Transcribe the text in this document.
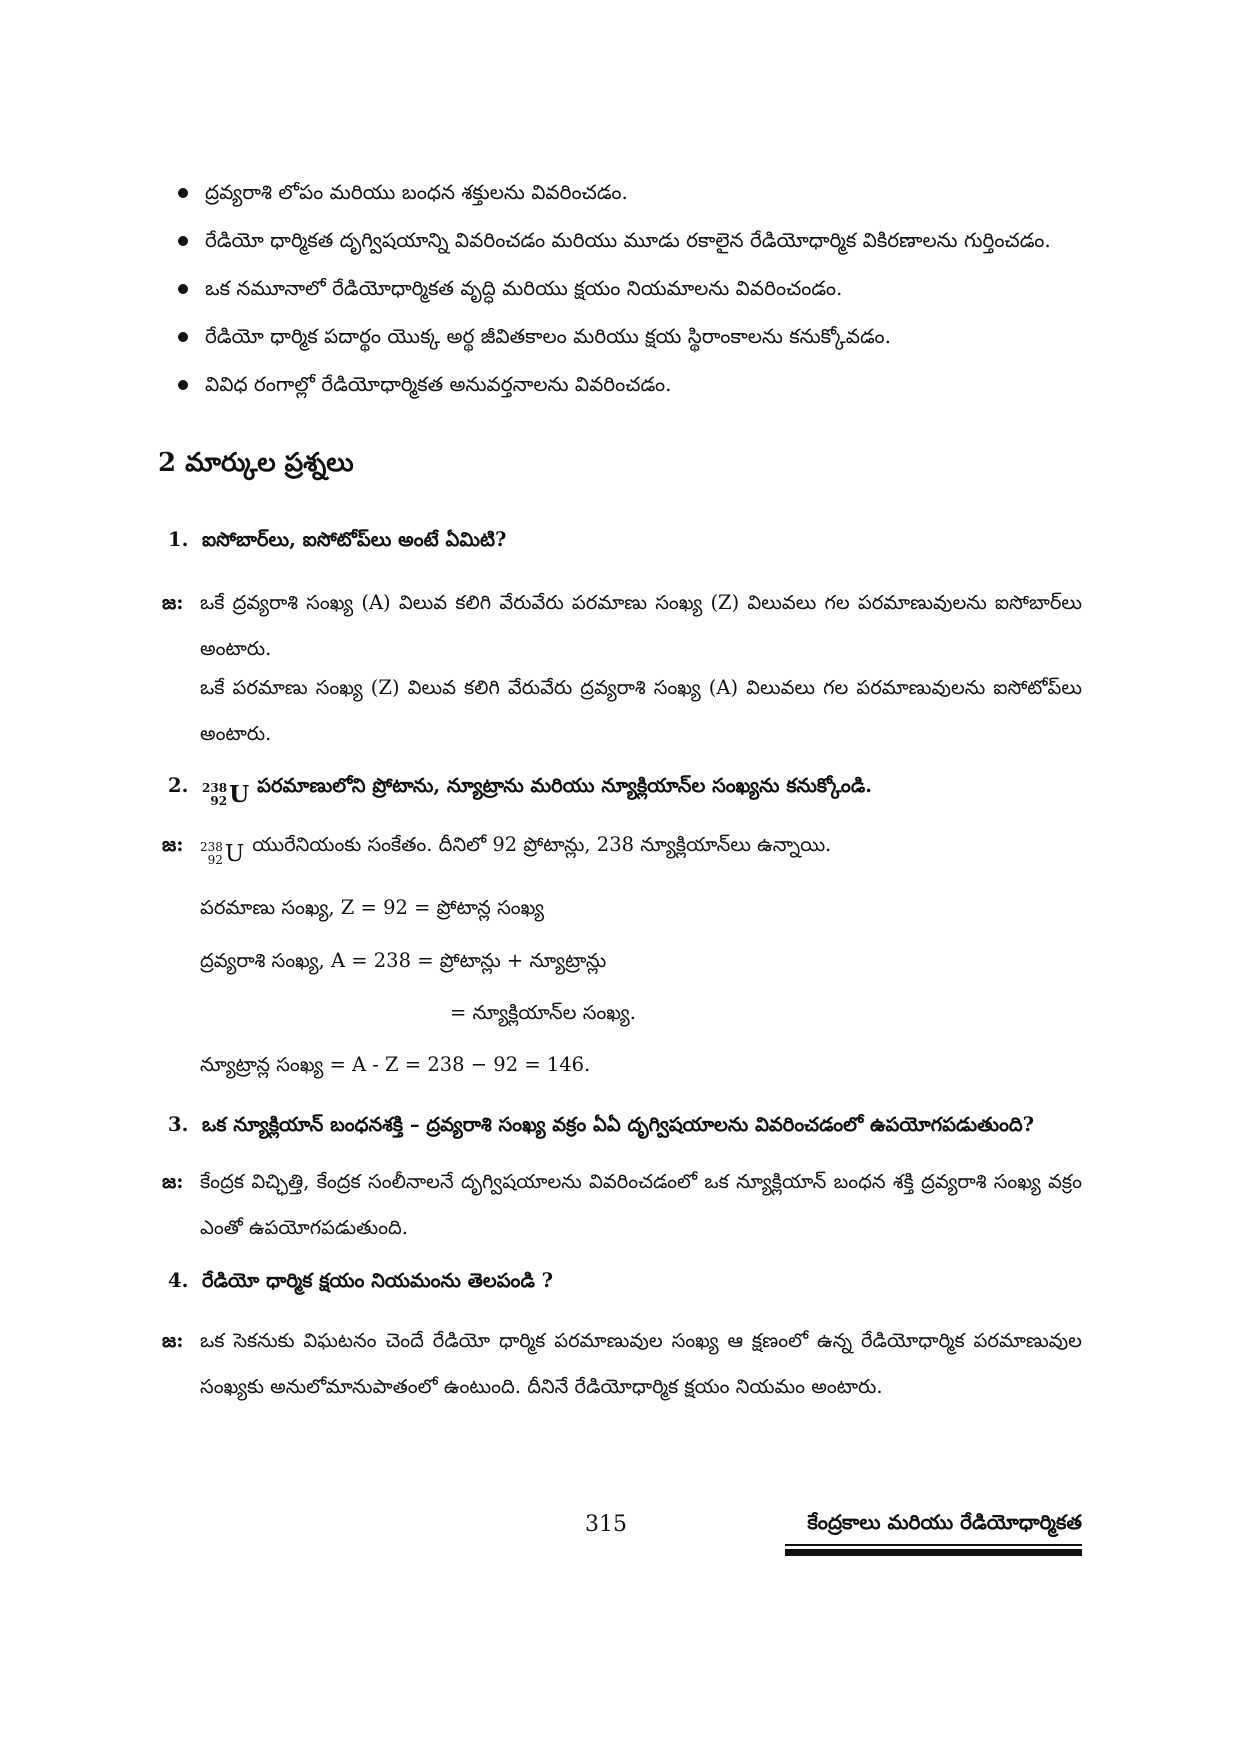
ద్రవ్యరాశి లోపం మరియు బంధన శక్తులను వివరించడం.
రేడియో ధార్మికత దృగ్విషయాన్ని వివరించడం మరియు మూడు రకాలైన రేడియోధార్మిక వికిరణాలను గుర్తించడం.
ఒక నమూనాలో రేడియోధార్మికత వృద్ధి మరియు క్షయం నియమాలను వివరించండం.
రేడియో ధార్మిక పదార్థం యొక్క అర్థ జీవితకాలం మరియు క్షయ స్థిరాంకాలను కనుక్కోవడం.
వివిధ రంగాల్లో రేడియోధార్మికత అనువర్తనాలను వివరించడం.
2 మార్కుల ప్రశ్నలు
1. ఐసోబార్‌లు, ఐసోటోప్‌లు అంటే ఏమిటి?
జ: ఒకే ద్రవ్యరాశి సంఖ్య (A) విలువ కలిగి వేరువేరు పరమాణు సంఖ్య (Z) విలువలు గల పరమాణువులను ఐసోబార్‌లు అంటారు.
ఒకే పరమాణు సంఖ్య (Z) విలువ కలిగి వేరువేరు ద్రవ్యరాశి సంఖ్య (A) విలువలు గల పరమాణువులను ఐసోటోప్‌లు అంటారు.
2. 238
92 U పరమాణులోని ప్రోటాను, న్యూట్రాను మరియు న్యూక్లియాన్‌ల సంఖ్యను కనుక్కోండి.
జ: 238
92 U యురేనియంకు సంకేతం. దీనిలో 92 ప్రోటాన్లు, 238 న్యూక్లియాన్‌లు ఉన్నాయి.
పరమాణు సంఖ్య, Z = 92 = ప్రోటాన్ల సంఖ్య
ద్రవ్యరాశి సంఖ్య, A = 238 = ప్రోటాన్లు + న్యూట్రాన్లు
= న్యూక్లియాన్‌ల సంఖ్య.
న్యూట్రాన్ల సంఖ్య = A - Z = 238 − 92 = 146.
3. ఒక న్యూక్లియాన్ బంధనశక్తి – ద్రవ్యరాశి సంఖ్య వక్రం ఏఏ దృగ్విషయాలను వివరించడంలో ఉపయోగపడుతుంది?
జ: కేంద్రక విచ్ఛిత్తి, కేంద్రక సంలీనాలనే దృగ్విషయాలను వివరించడంలో ఒక న్యూక్లియాన్ బంధన శక్తి ద్రవ్యరాశి సంఖ్య వక్రం ఎంతో ఉపయోగపడుతుంది.
4. రేడియో ధార్మిక క్షయం నియమంను తెలపండి ?
జ: ఒక సెకనుకు విఘటనం చెందే రేడియో ధార్మిక పరమాణువుల సంఖ్య ఆ క్షణంలో ఉన్న రేడియోధార్మిక పరమాణువుల సంఖ్యకు అనులోమానుపాతంలో ఉంటుంది. దీనినే రేడియోధార్మిక క్షయం నియమం అంటారు.
315	కేంద్రకాలు మరియు రేడియోధార్మికత
